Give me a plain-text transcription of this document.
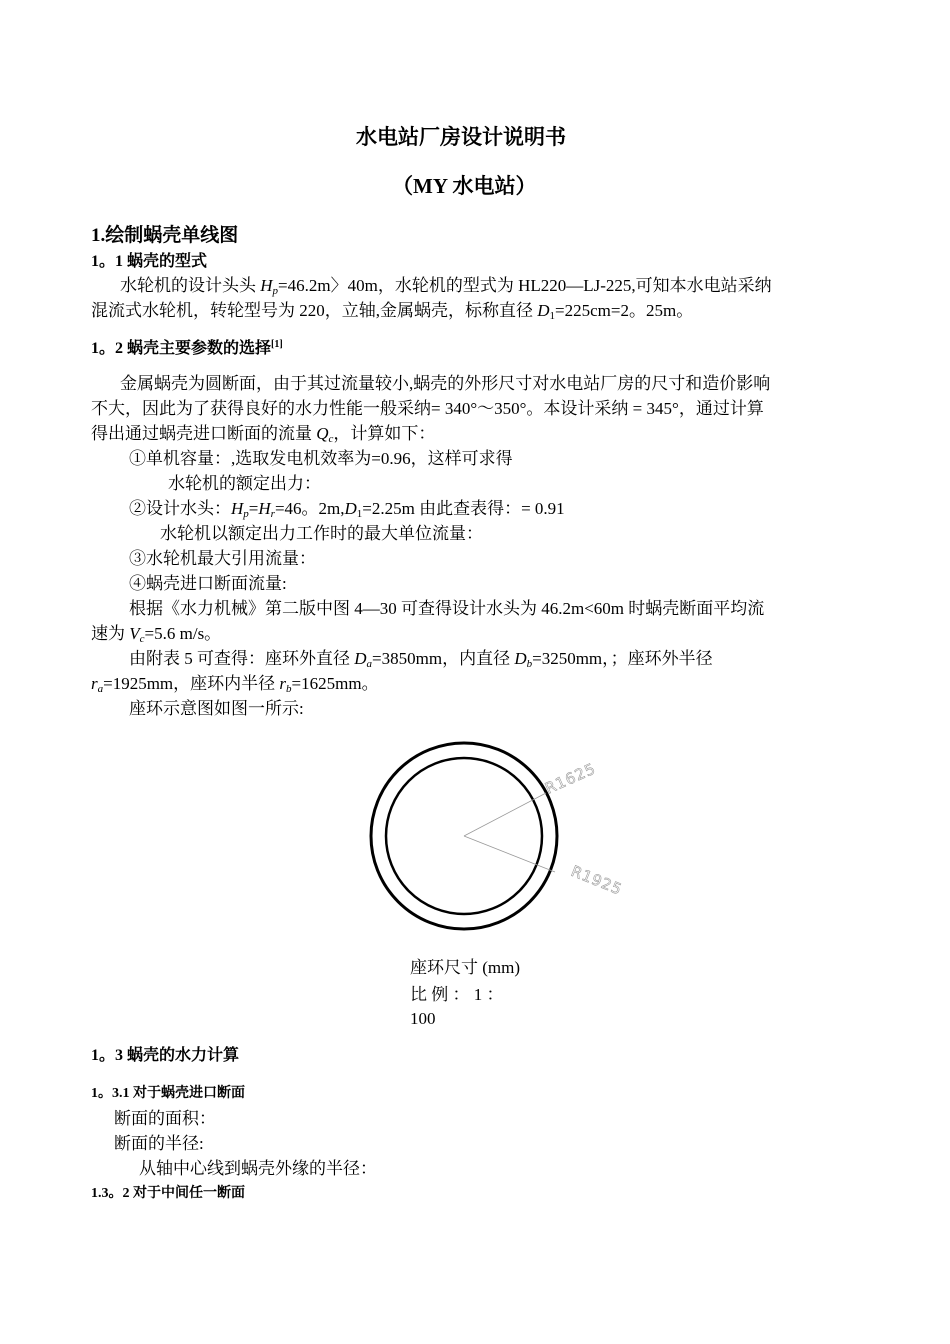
水电站厂房设计说明书
（MY 水电站）
1.绘制蜗壳单线图
1。1 蜗壳的型式
水轮机的设计头头 $H_p=46.2m$〉40m，水轮机的型式为 HL220—LJ-225,可知本水电站采纳
混流式水轮机，转轮型号为 220，立轴,金属蜗壳，标称直径 $D_1=225cm=2$。25m。
1。2 蜗壳主要参数的选择[1]
金属蜗壳为圆断面，由于其过流量较小,蜗壳的外形尺寸对水电站厂房的尺寸和造价影响
不大，因此为了获得良好的水力性能一般采纳= 340°～350°。本设计采纳 = 345°，通过计算
得出通过蜗壳进口断面的流量 $Q_c$，计算如下：
①单机容量：,选取发电机效率为=0.96，这样可求得
水轮机的额定出力：
②设计水头：$H_p=H_r=46$。$2m,D_1=2.25m$ 由此查表得：= 0.91
水轮机以额定出力工作时的最大单位流量：
③水轮机最大引用流量：
④蜗壳进口断面流量:
根据《水力机械》第二版中图 4—30 可查得设计水头为 46.2m<60m 时蜗壳断面平均流
速为 $V_c=5.6$ m/s。
由附表 5 可查得：座环外直径 $D_a=3850mm$，内直径 $D_b=3250mm$，；座环外半径
$r_a=1925mm$，座环内半径 $r_b=1625mm$。
座环示意图如图一所示:
R1625
R1925
座环尺寸 (mm)
比 例 ： 1 ：
100
1。3 蜗壳的水力计算
1。3.1 对于蜗壳进口断面
断面的面积：
断面的半径:
从轴中心线到蜗壳外缘的半径：
1.3。2 对于中间任一断面
